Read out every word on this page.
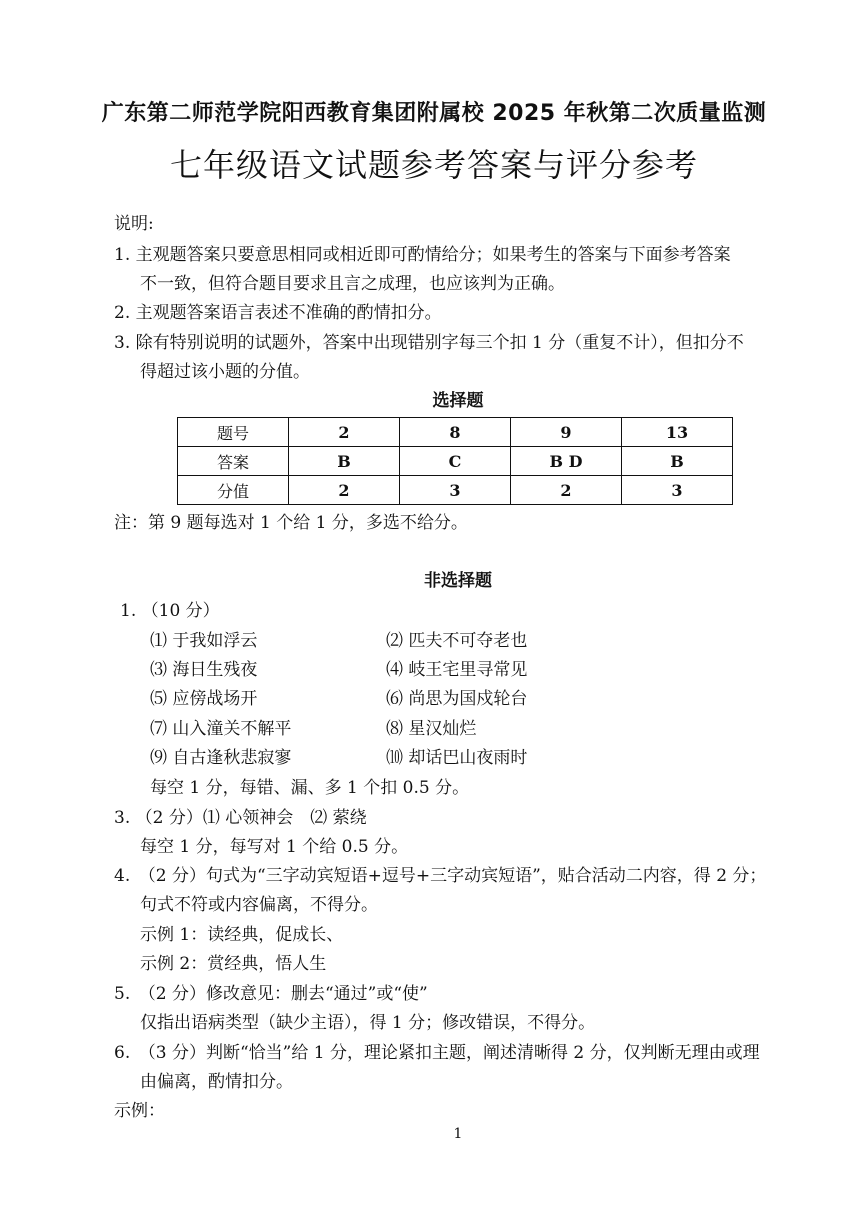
广东第二师范学院阳西教育集团附属校 2025 年秋第二次质量监测
七年级语文试题参考答案与评分参考
说明:
1. 主观题答案只要意思相同或相近即可酌情给分；如果考生的答案与下面参考答案
不一致，但符合题目要求且言之成理，也应该判为正确。
2. 主观题答案语言表述不准确的酌情扣分。
3. 除有特别说明的试题外，答案中出现错别字每三个扣 1 分（重复不计），但扣分不
得超过该小题的分值。
选择题
题号	2	8	9	13
答案	B	C	B D	B
分值	2	3	2	3
注：第 9 题每选对 1 个给 1 分，多选不给分。
非选择题
1. （10 分）
⑴ 于我如浮云	⑵ 匹夫不可夺老也
⑶ 海日生残夜	⑷ 岐王宅里寻常见
⑸ 应傍战场开	⑹ 尚思为国戍轮台
⑺ 山入潼关不解平	⑻ 星汉灿烂
⑼ 自古逢秋悲寂寥	⑽ 却话巴山夜雨时
每空 1 分，每错、漏、多 1 个扣 0.5 分。
3. （2 分）⑴ 心领神会　⑵ 萦绕
每空 1 分，每写对 1 个给 0.5 分。
4.　（2 分）句式为“三字动宾短语+逗号+三字动宾短语”，贴合活动二内容，得 2 分；
句式不符或内容偏离，不得分。
示例 1：读经典，促成长、
示例 2：赏经典，悟人生
5.　（2 分）修改意见：删去“通过”或“使”
仅指出语病类型（缺少主语），得 1 分；修改错误，不得分。
6.　（3 分）判断“恰当”给 1 分，理论紧扣主题，阐述清晰得 2 分，仅判断无理由或理
由偏离，酌情扣分。
示例：
1
